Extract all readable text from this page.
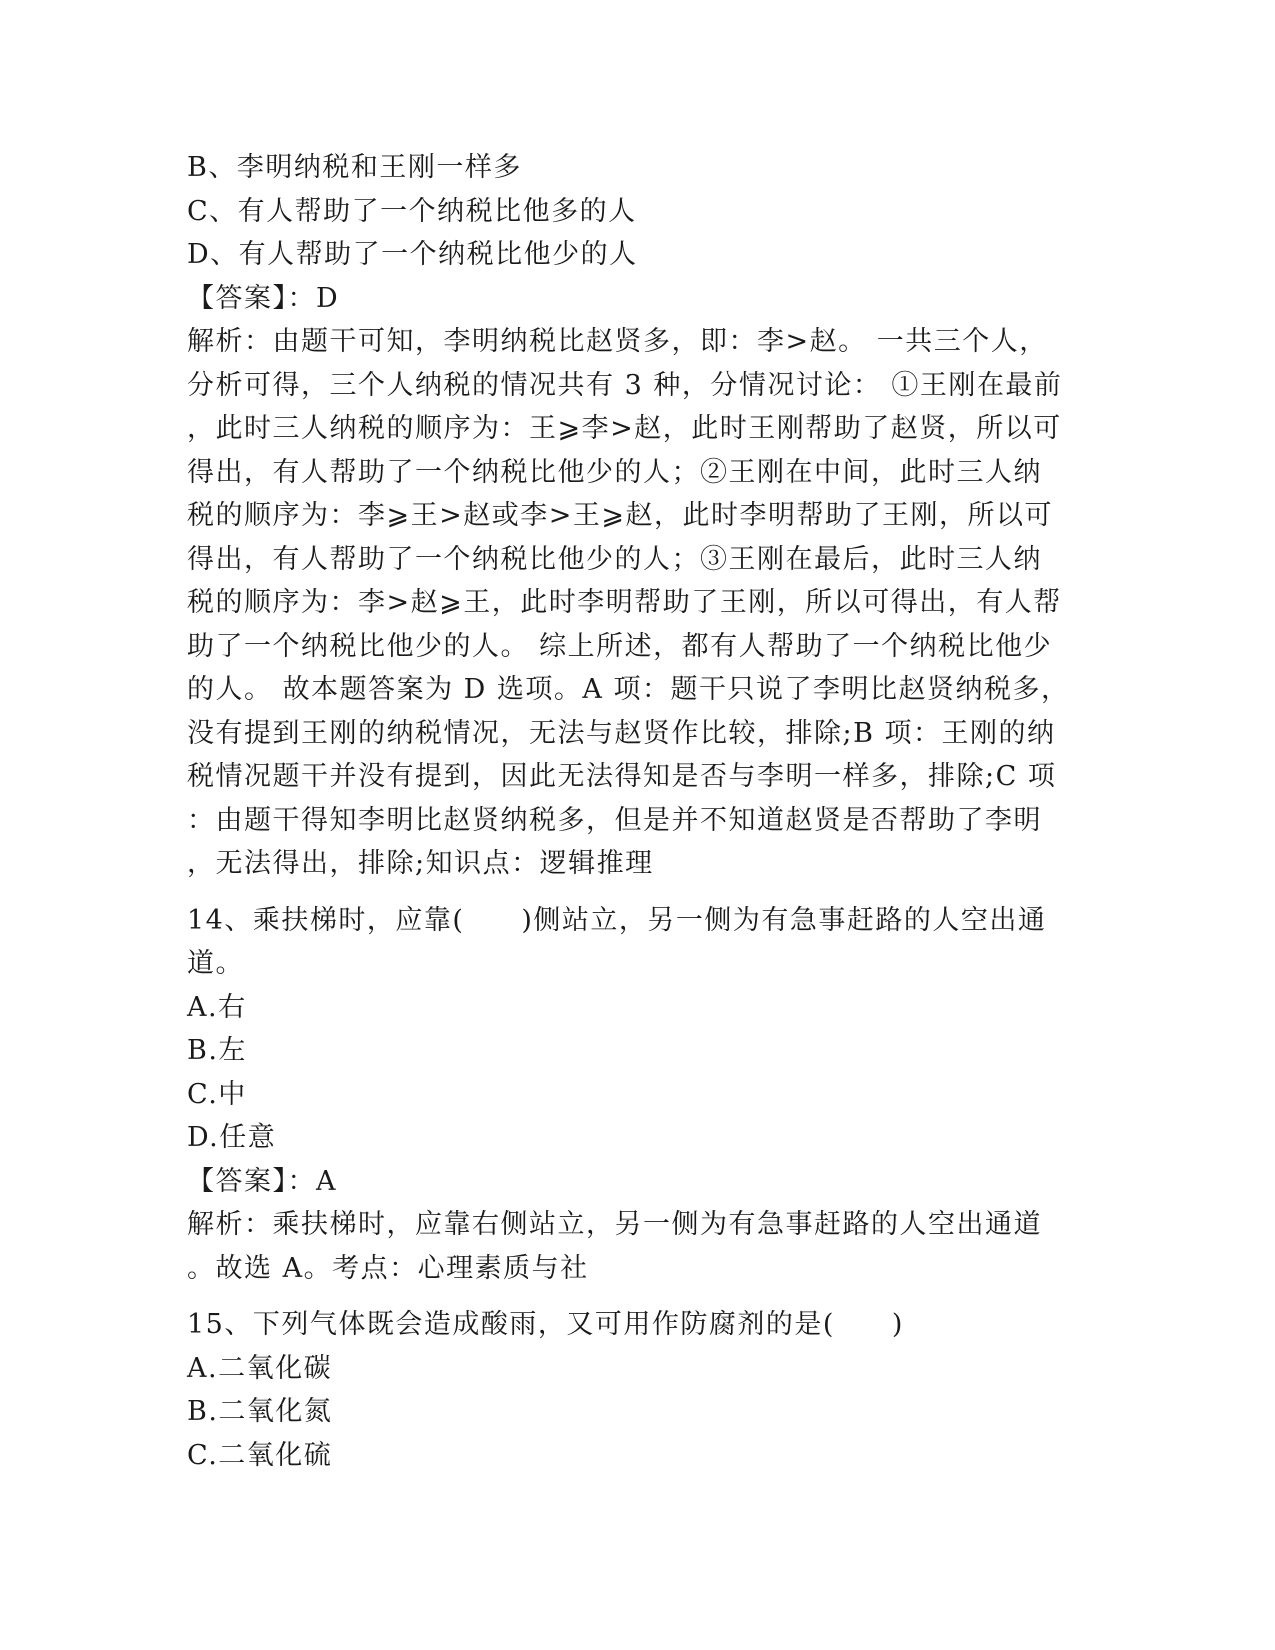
B、李明纳税和王刚一样多
C、有人帮助了一个纳税比他多的人
D、有人帮助了一个纳税比他少的人
【答案】：D
解析：由题干可知，李明纳税比赵贤多，即：李>赵。 一共三个人，
分析可得，三个人纳税的情况共有 3 种，分情况讨论： ①王刚在最前
，此时三人纳税的顺序为：王⩾李>赵，此时王刚帮助了赵贤，所以可
得出，有人帮助了一个纳税比他少的人；②王刚在中间，此时三人纳
税的顺序为：李⩾王>赵或李>王⩾赵，此时李明帮助了王刚，所以可
得出，有人帮助了一个纳税比他少的人；③王刚在最后，此时三人纳
税的顺序为：李>赵⩾王，此时李明帮助了王刚，所以可得出，有人帮
助了一个纳税比他少的人。 综上所述，都有人帮助了一个纳税比他少
的人。 故本题答案为 D 选项。A 项：题干只说了李明比赵贤纳税多，
没有提到王刚的纳税情况，无法与赵贤作比较，排除;B 项：王刚的纳
税情况题干并没有提到，因此无法得知是否与李明一样多，排除;C 项
：由题干得知李明比赵贤纳税多，但是并不知道赵贤是否帮助了李明
，无法得出，排除;知识点：逻辑推理
14、乘扶梯时，应靠(　　)侧站立，另一侧为有急事赶路的人空出通
道。
A.右
B.左
C.中
D.任意
【答案】：A
解析：乘扶梯时，应靠右侧站立，另一侧为有急事赶路的人空出通道
。故选 A。考点：心理素质与社
15、下列气体既会造成酸雨，又可用作防腐剂的是(　　)
A.二氧化碳
B.二氧化氮
C.二氧化硫
